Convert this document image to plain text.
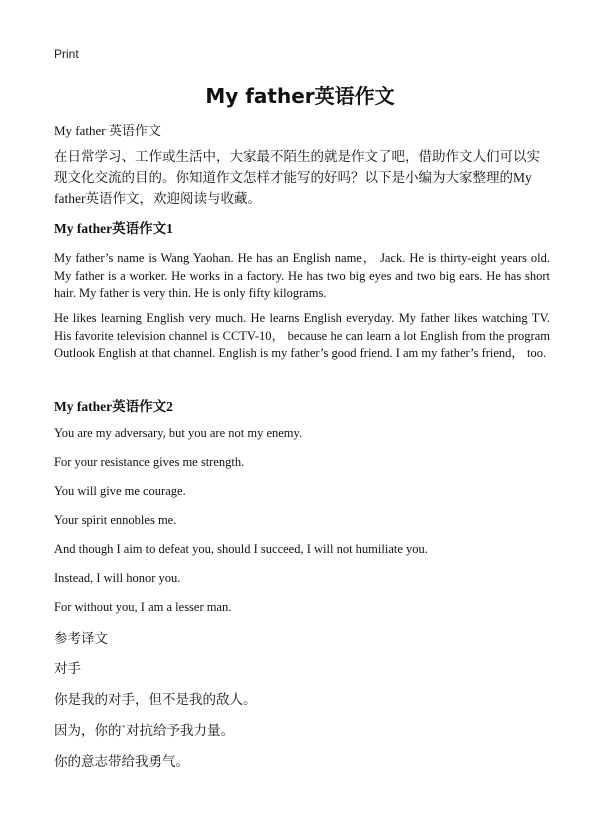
Print
My father英语作文

My father 英语作文

在日常学习、工作或生活中，大家最不陌生的就是作文了吧，借助作文人们可以实现文化交流的目的。你知道作文怎样才能写的好吗？以下是小编为大家整理的My father英语作文，欢迎阅读与收藏。

My father英语作文1

My father’s name is Wang Yaohan. He has an English name， Jack. He is thirty-eight years old. My father is a worker. He works in a factory. He has two big eyes and two big ears. He has short hair. My father is very thin. He is only fifty kilograms.

He likes learning English very much. He learns English everyday. My father likes watching TV. His favorite television channel is CCTV-10， because he can learn a lot English from the program Outlook English at that channel. English is my father’s good friend. I am my father’s friend， too.

My father英语作文2

You are my adversary, but you are not my enemy.

For your resistance gives me strength.

You will give me courage.

Your spirit ennobles me.

And though I aim to defeat you, should I succeed, I will not humiliate you.

Instead, I will honor you.

For without you, I am a lesser man.

参考译文

对手

你是我的对手，但不是我的敌人。

因为，你的`对抗给予我力量。

你的意志带给我勇气。
